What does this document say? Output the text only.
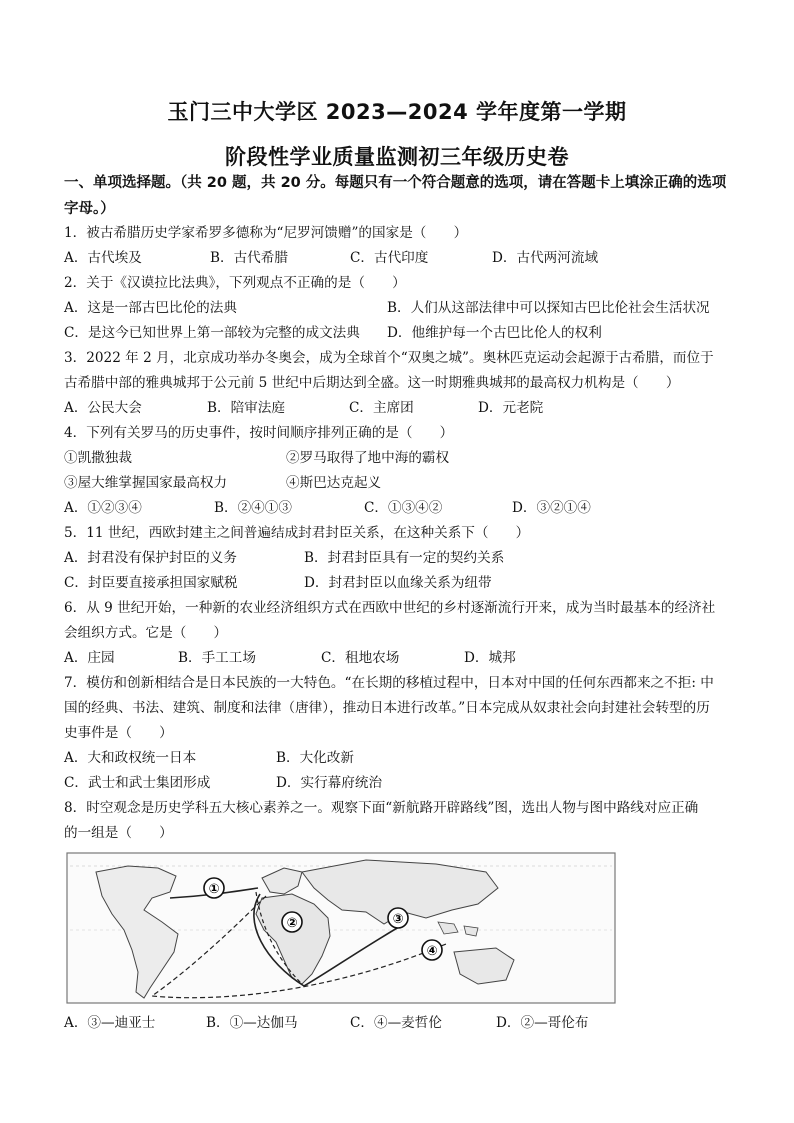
玉门三中大学区 2023—2024 学年度第一学期
阶段性学业质量监测初三年级历史卷
一、单项选择题。（共 20 题，共 20 分。每题只有一个符合题意的选项，请在答题卡上填涂正确的选项字母。）
1．被古希腊历史学家希罗多德称为“尼罗河馈赠”的国家是（　　）
A．古代埃及	B．古代希腊	C．古代印度	D．古代两河流域
2．关于《汉谟拉比法典》，下列观点不正确的是（　　）
A．这是一部古巴比伦的法典	B．人们从这部法律中可以探知古巴比伦社会生活状况
C．是这今已知世界上第一部较为完整的成文法典 D．他维护每一个古巴比伦人的权利
3．2022 年 2 月，北京成功举办冬奥会，成为全球首个“双奥之城”。奥林匹克运动会起源于古希腊，而位于
古希腊中部的雅典城邦于公元前 5 世纪中后期达到全盛。这一时期雅典城邦的最高权力机构是（　　）
A．公民大会	B．陪审法庭	C．主席团	D．元老院
4．下列有关罗马的历史事件，按时间顺序排列正确的是（　　）
①凯撒独裁	②罗马取得了地中海的霸权
③屋大维掌握国家最高权力	④斯巴达克起义
A．①②③④	B．②④①③	C．①③④②	D．③②①④
5．11 世纪，西欧封建主之间普遍结成封君封臣关系，在这种关系下（　　）
A．封君没有保护封臣的义务	B．封君封臣具有一定的契约关系
C．封臣要直接承担国家赋税	D．封君封臣以血缘关系为纽带
6．从 9 世纪开始，一种新的农业经济组织方式在西欧中世纪的乡村逐渐流行开来，成为当时最基本的经济社
会组织方式。它是（　　）
A．庄园	B．手工工场	C．租地农场	D．城邦
7．模仿和创新相结合是日本民族的一大特色。“在长期的移植过程中，日本对中国的任何东西都来之不拒: 中
国的经典、书法、建筑、制度和法律（唐律），推动日本进行改革。”日本完成从奴隶社会向封建社会转型的历
史事件是（　　）
A．大和政权统一日本	B．大化改新
C．武士和武士集团形成	D．实行幕府统治
8．时空观念是历史学科五大核心素养之一。观察下面“新航路开辟路线”图，选出人物与图中路线对应正确
的一组是（　　）
①
②	③
④
A．③—迪亚士	B．①—达伽马	C．④—麦哲伦	D．②—哥伦布
